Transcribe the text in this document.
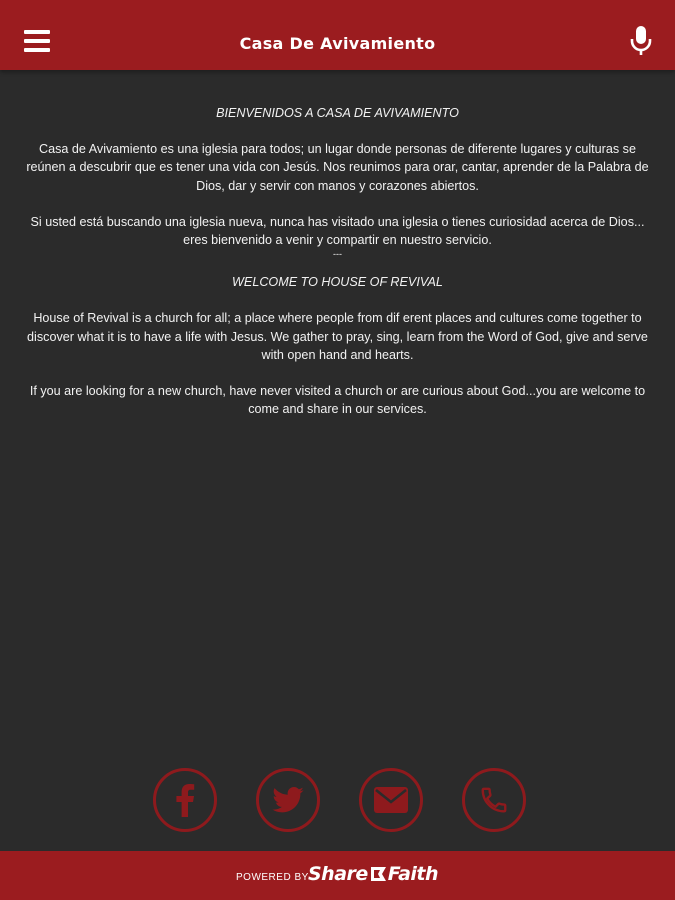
Casa De Avivamiento

BIENVENIDOS A CASA DE AVIVAMIENTO

Casa de Avivamiento es una iglesia para todos; un lugar donde personas de diferente lugares y culturas se reúnen a descubrir que es tener una vida con Jesús. Nos reunimos para orar, cantar, aprender de la Palabra de Dios, dar y servir con manos y corazones abiertos.

Si usted está buscando una iglesia nueva, nunca has visitado una iglesia o tienes curiosidad acerca de Dios... eres bienvenido a venir y compartir en nuestro servicio.

---

WELCOME TO HOUSE OF REVIVAL

House of Revival is a church for all; a place where people from dif erent places and cultures come together to discover what it is to have a life with Jesus. We gather to pray, sing, learn from the Word of God, give and serve with open hand and hearts.

If you are looking for a new church, have never visited a church or are curious about God...you are welcome to come and share in our services.

POWERED BY Share Faith
